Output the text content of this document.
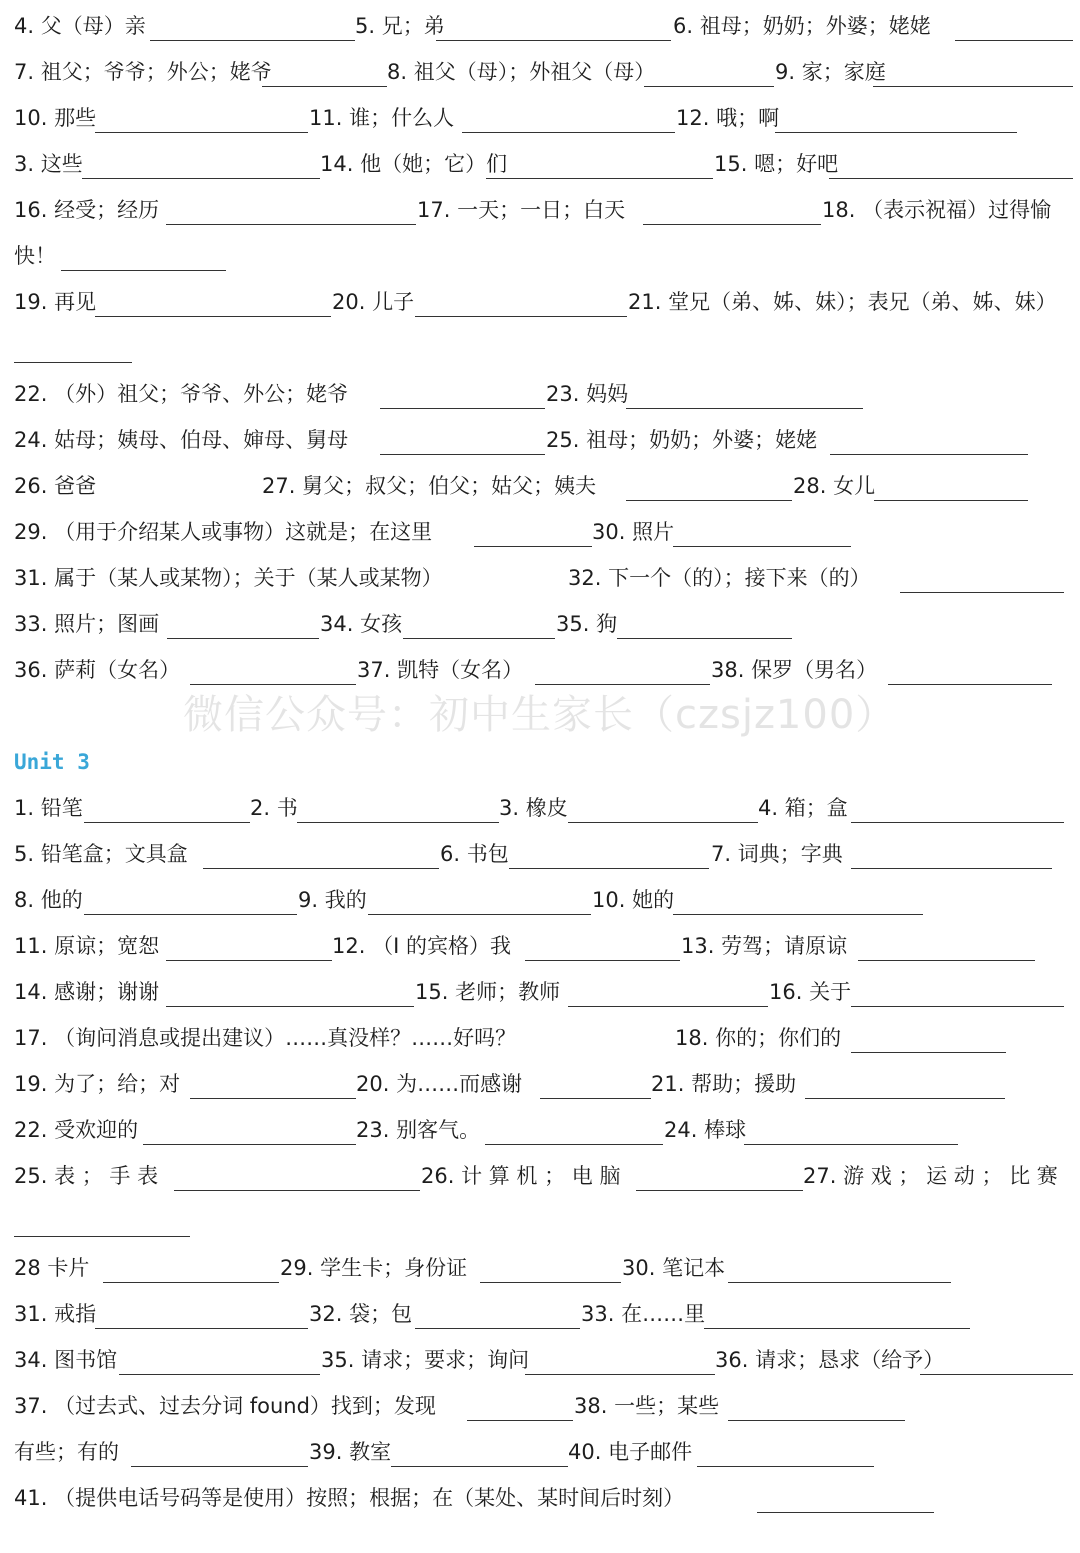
4. 父（母）亲	5. 兄；弟	6. 祖母；奶奶；外婆；姥姥
7. 祖父；爷爷；外公；姥爷	8. 祖父（母）；外祖父（母）	9. 家；家庭
10. 那些	11. 谁；什么人	12. 哦；啊
3. 这些	14. 他（她；它）们	15. 嗯；好吧
16. 经受；经历	17. 一天；一日；白天	18. （表示祝福）过得愉
快！
19. 再见	20. 儿子	21. 堂兄（弟、姊、妹）；表兄（弟、姊、妹）
22. （外）祖父；爷爷、外公；姥爷	23. 妈妈
24. 姑母；姨母、伯母、婶母、舅母	25. 祖母；奶奶；外婆；姥姥
26. 爸爸	27. 舅父；叔父；伯父；姑父；姨夫	28. 女儿
29. （用于介绍某人或事物）这就是；在这里	30. 照片
31. 属于（某人或某物）；关于（某人或某物）	32. 下一个（的）；接下来（的）
33. 照片；图画	34. 女孩	35. 狗
36. 萨莉（女名）	37. 凯特（女名）	38. 保罗（男名）
1. 铅笔	2. 书	3. 橡皮	4. 箱；盒
5. 铅笔盒；文具盒	6. 书包	7. 词典；字典
8. 他的	9. 我的	10. 她的
11. 原谅；宽恕	12. （I 的宾格）我	13. 劳驾；请原谅
14. 感谢；谢谢	15. 老师；教师	16. 关于
17. （询问消息或提出建议）……真没样？……好吗？	18. 你的；你们的
19. 为了；给；对	20. 为……而感谢	21. 帮助；援助
22. 受欢迎的	23. 别客气。	24. 棒球
25. 表 ； 手 表	26. 计 算 机 ； 电 脑	27. 游 戏 ； 运 动 ； 比 赛
28 卡片	29. 学生卡；身份证	30. 笔记本
31. 戒指	32. 袋；包	33. 在……里
34. 图书馆	35. 请求；要求；询问	36. 请求；恳求（给予）
37. （过去式、过去分词 found）找到；发现	38. 一些；某些
有些；有的	39. 教室	40. 电子邮件
41. （提供电话号码等是使用）按照；根据；在（某处、某时间后时刻）
微信公众号：初中生家长（czsjz100）
Unit 3
